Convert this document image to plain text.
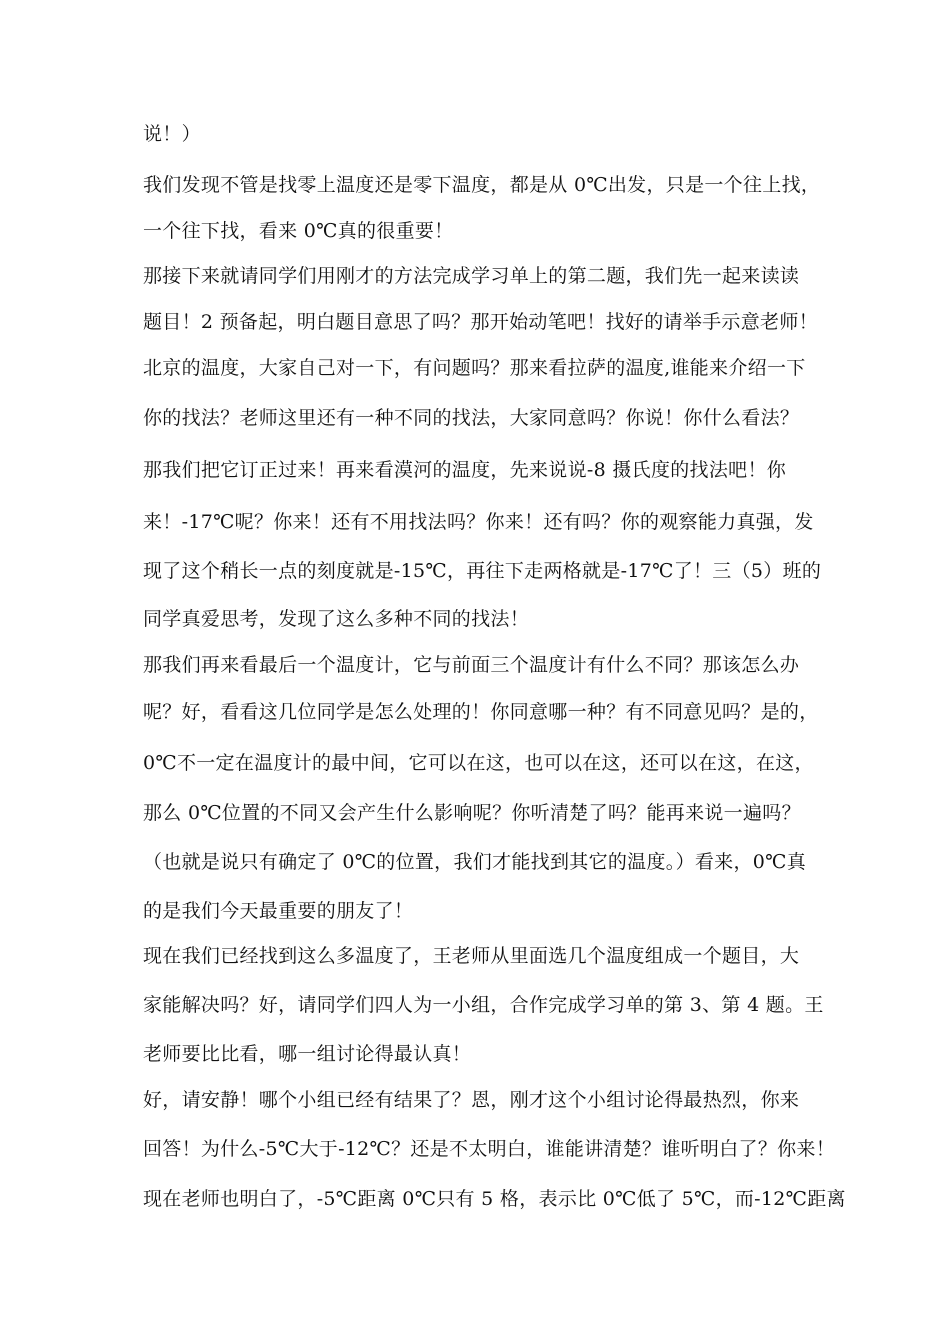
说！）
我们发现不管是找零上温度还是零下温度，都是从 0℃出发，只是一个往上找，
一个往下找，看来 0℃真的很重要！
那接下来就请同学们用刚才的方法完成学习单上的第二题，我们先一起来读读
题目！2 预备起，明白题目意思了吗？那开始动笔吧！找好的请举手示意老师！
北京的温度，大家自己对一下，有问题吗？那来看拉萨的温度,谁能来介绍一下
你的找法？老师这里还有一种不同的找法，大家同意吗？你说！你什么看法？
那我们把它订正过来！再来看漠河的温度，先来说说-8 摄氏度的找法吧！你
来！-17℃呢？你来！还有不用找法吗？你来！还有吗？你的观察能力真强，发
现了这个稍长一点的刻度就是-15℃，再往下走两格就是-17℃了！三（5）班的
同学真爱思考，发现了这么多种不同的找法！
那我们再来看最后一个温度计，它与前面三个温度计有什么不同？那该怎么办
呢？好，看看这几位同学是怎么处理的！你同意哪一种？有不同意见吗？是的，
0℃不一定在温度计的最中间，它可以在这，也可以在这，还可以在这，在这，
那么 0℃位置的不同又会产生什么影响呢？你听清楚了吗？能再来说一遍吗？
（也就是说只有确定了 0℃的位置，我们才能找到其它的温度。）看来，0℃真
的是我们今天最重要的朋友了！
现在我们已经找到这么多温度了，王老师从里面选几个温度组成一个题目，大
家能解决吗？好，请同学们四人为一小组，合作完成学习单的第 3、第 4 题。王
老师要比比看，哪一组讨论得最认真！
好，请安静！哪个小组已经有结果了？恩，刚才这个小组讨论得最热烈，你来
回答！为什么-5℃大于-12℃？还是不太明白，谁能讲清楚？谁听明白了？你来！
现在老师也明白了，-5℃距离 0℃只有 5 格，表示比 0℃低了 5℃，而-12℃距离
